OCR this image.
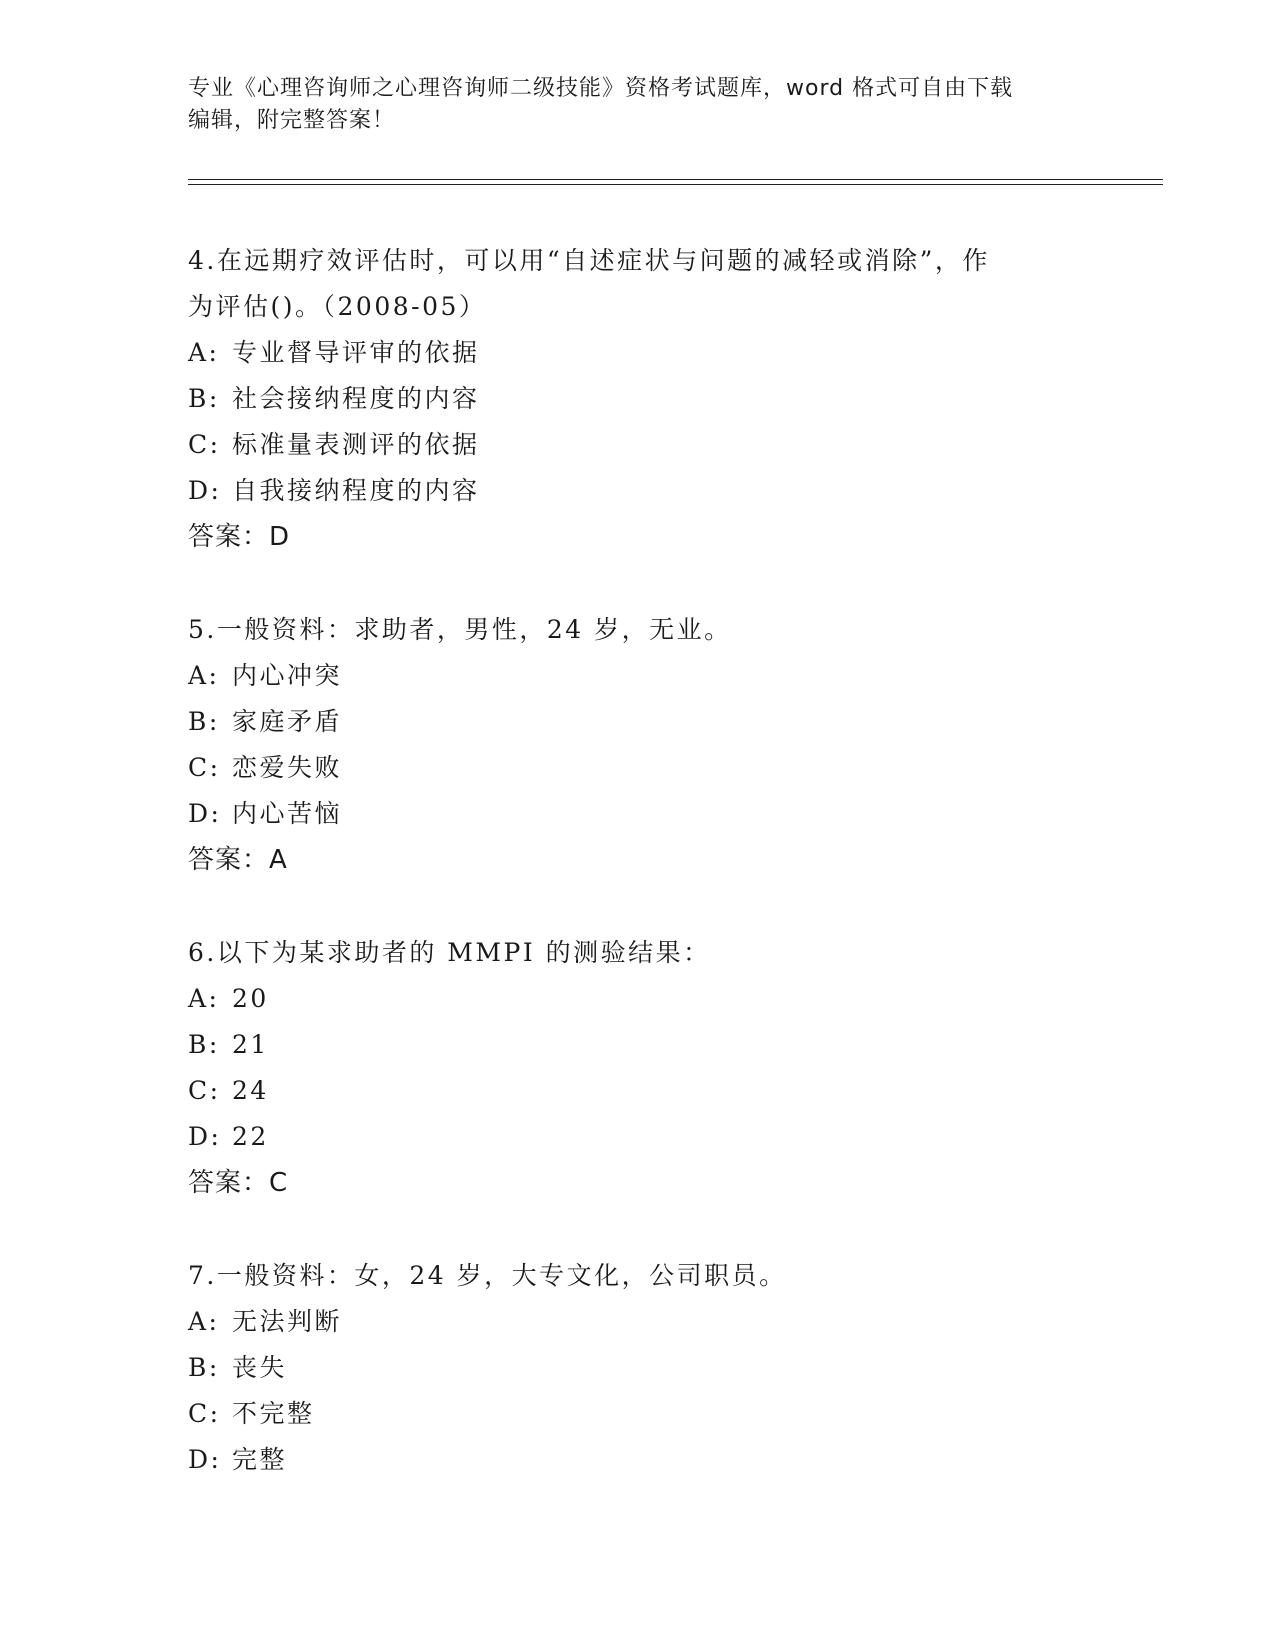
专业《心理咨询师之心理咨询师二级技能》资格考试题库，word 格式可自由下载
编辑，附完整答案！
4.在远期疗效评估时，可以用“自述症状与问题的减轻或消除”，作
为评估()。（2008-05）
A: 专业督导评审的依据
B: 社会接纳程度的内容
C: 标准量表测评的依据
D: 自我接纳程度的内容
答案：D
5.一般资料：求助者，男性，24 岁，无业。
A: 内心冲突
B: 家庭矛盾
C: 恋爱失败
D: 内心苦恼
答案：A
6.以下为某求助者的 MMPI 的测验结果：
A: 20
B: 21
C: 24
D: 22
答案：C
7.一般资料：女，24 岁，大专文化，公司职员。
A: 无法判断
B: 丧失
C: 不完整
D: 完整
